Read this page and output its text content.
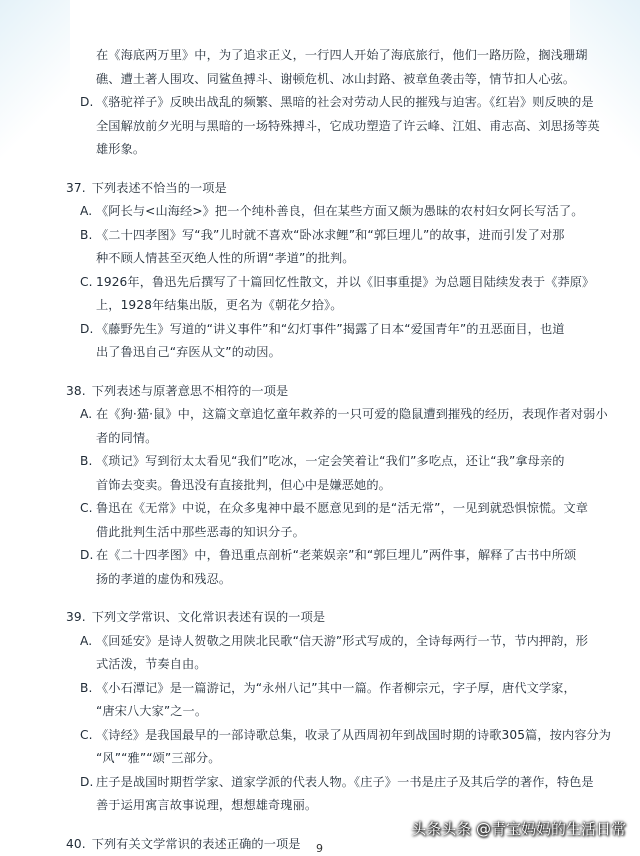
在《海底两万里》中，为了追求正义，一行四人开始了海底旅行，他们一路历险，搁浅珊瑚
礁、遭土著人围攻、同鲨鱼搏斗、谢顿危机、冰山封路、被章鱼袭击等，情节扣人心弦。
D. 《骆驼祥子》反映出战乱的频繁、黑暗的社会对劳动人民的摧残与迫害。《红岩》则反映的是
全国解放前夕光明与黑暗的一场特殊搏斗，它成功塑造了许云峰、江姐、甫志高、刘思扬等英
雄形象。
37. 下列表述不恰当的一项是
A. 《阿长与<山海经>》把一个纯朴善良，但在某些方面又颇为愚昧的农村妇女阿长写活了。
B. 《二十四孝图》写“我”儿时就不喜欢“卧冰求鲤”和“郭巨埋儿”的故事，进而引发了对那
种不顾人情甚至灭绝人性的所谓“孝道”的批判。
C. 1926年，鲁迅先后撰写了十篇回忆性散文，并以《旧事重提》为总题目陆续发表于《莽原》
上，1928年结集出版，更名为《朝花夕拾》。
D. 《藤野先生》写道的“讲义事件”和“幻灯事件”揭露了日本“爱国青年”的丑恶面目，也道
出了鲁迅自己“弃医从文”的动因。
38. 下列表述与原著意思不相符的一项是
A. 在《狗·猫·鼠》中，这篇文章追忆童年救养的一只可爱的隐鼠遭到摧残的经历，表现作者对弱小
者的同情。
B. 《琐记》写到衍太太看见“我们”吃冰，一定会笑着让“我们”多吃点，还让“我”拿母亲的
首饰去变卖。鲁迅没有直接批判，但心中是嫌恶她的。
C. 鲁迅在《无常》中说，在众多鬼神中最不愿意见到的是“活无常”，一见到就恐惧惊慌。文章
借此批判生活中那些恶毒的知识分子。
D. 在《二十四孝图》中，鲁迅重点剖析“老莱娱亲”和“郭巨埋儿”两件事，解释了古书中所颂
扬的孝道的虚伪和残忍。
39. 下列文学常识、文化常识表述有误的一项是
A. 《回延安》是诗人贺敬之用陕北民歌“信天游”形式写成的，全诗每两行一节，节内押韵，形
式活泼，节奏自由。
B. 《小石潭记》是一篇游记，为“永州八记”其中一篇。作者柳宗元，字子厚，唐代文学家，
“唐宋八大家”之一。
C. 《诗经》是我国最早的一部诗歌总集，收录了从西周初年到战国时期的诗歌305篇，按内容分为
“风”“雅”“颂”三部分。
D. 庄子是战国时期哲学家、道家学派的代表人物。《庄子》一书是庄子及其后学的著作，特色是
善于运用寓言故事说理，想想雄奇瑰丽。
40. 下列有关文学常识的表述正确的一项是	9
头条头条 @青宝妈妈的生活日常
